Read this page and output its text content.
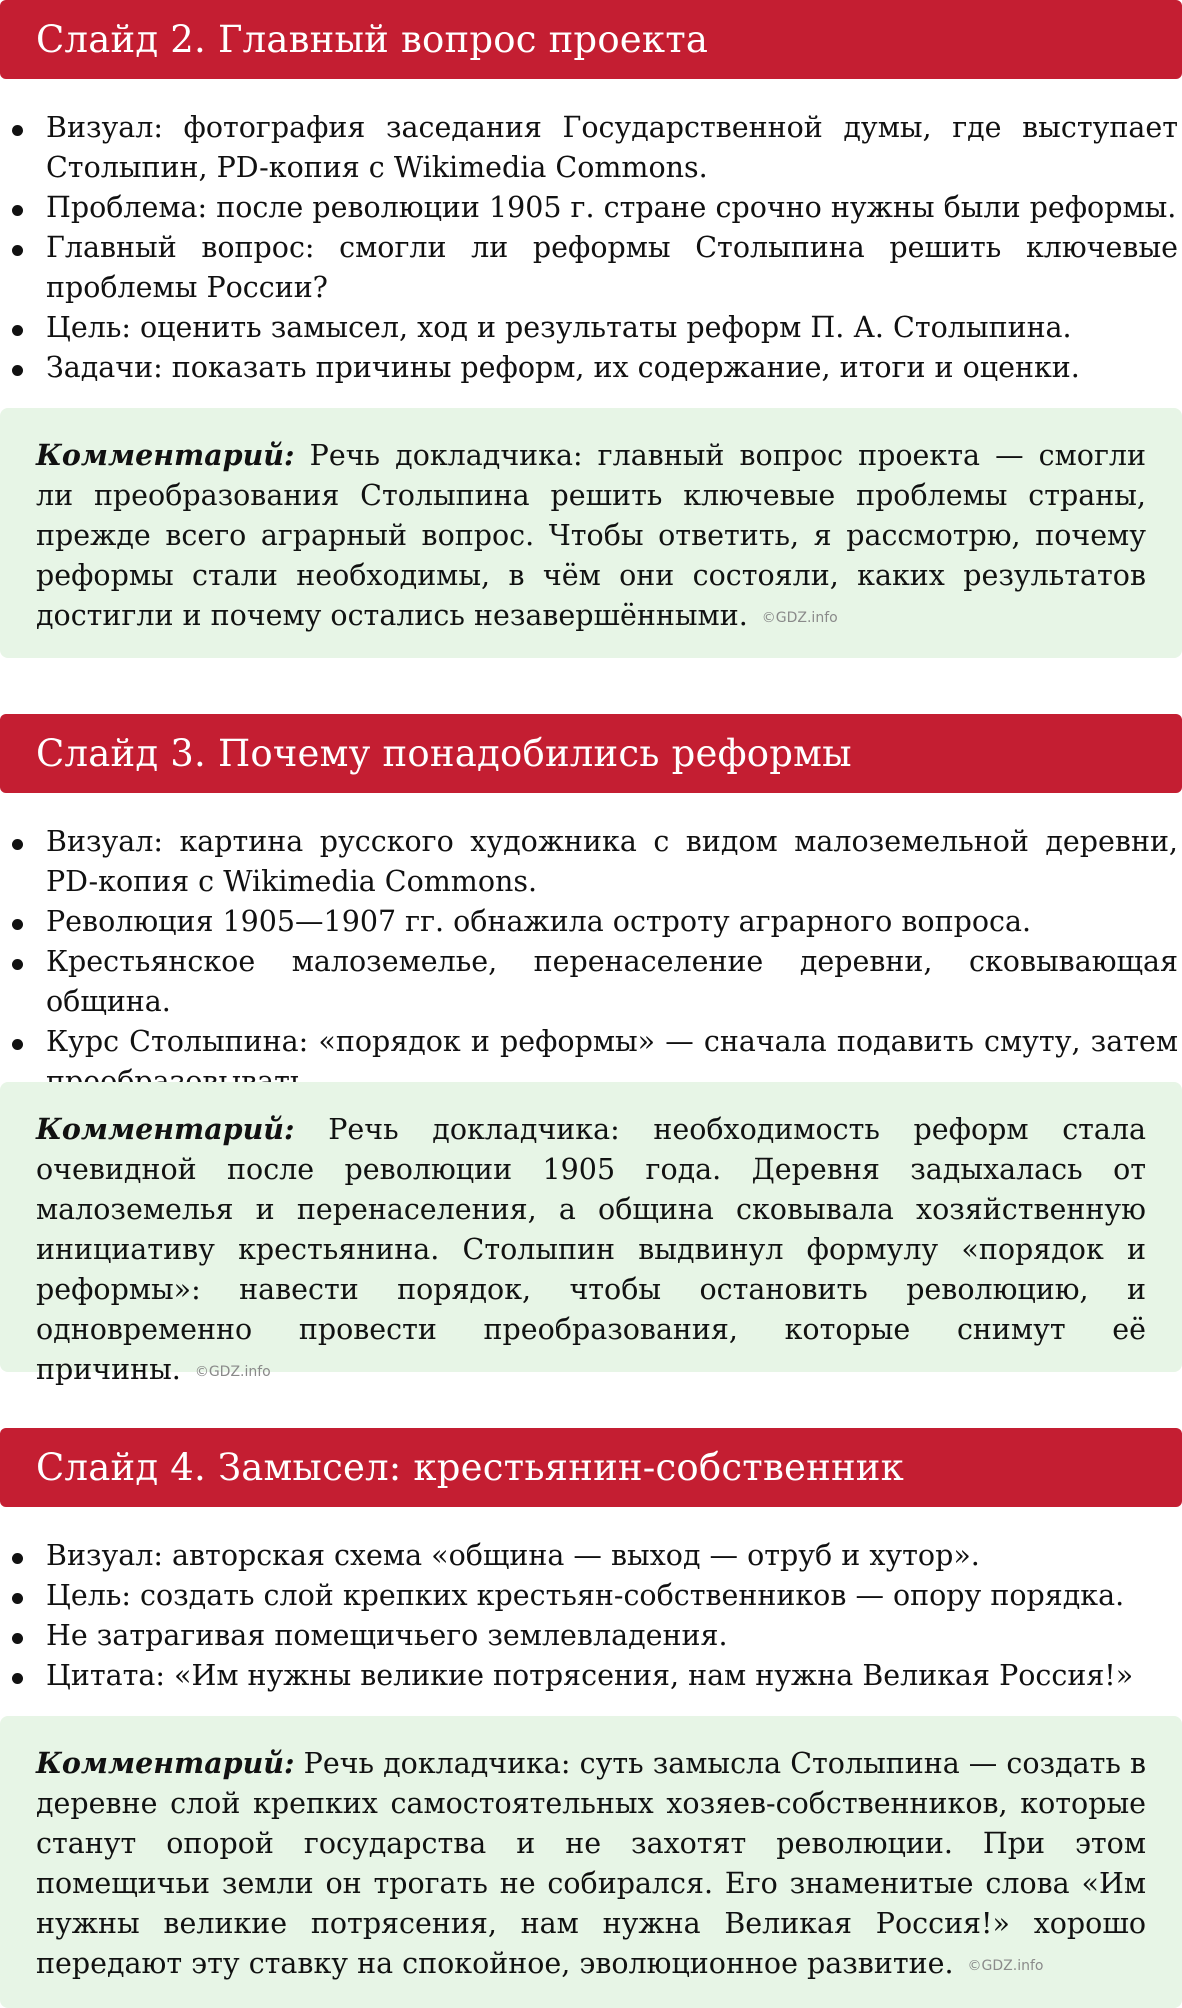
Слайд 2. Главный вопрос проекта
Визуал: фотография заседания Государственной думы, где выступает Столыпин, PD-копия с Wikimedia Commons.
Проблема: после революции 1905 г. стране срочно нужны были реформы.
Главный вопрос: смогли ли реформы Столыпина решить ключевые проблемы России?
Цель: оценить замысел, ход и результаты реформ П. А. Столыпина.
Задачи: показать причины реформ, их содержание, итоги и оценки.

Комментарий: Речь докладчика: главный вопрос проекта — смогли ли преобразования Столыпина решить ключевые проблемы страны, прежде всего аграрный вопрос. Чтобы ответить, я рассмотрю, почему реформы стали необходимы, в чём они состояли, каких результатов достигли и почему остались незавершёнными. ©GDZ.info

Слайд 3. Почему понадобились реформы
Визуал: картина русского художника с видом малоземельной деревни, PD-копия с Wikimedia Commons.
Революция 1905—1907 гг. обнажила остроту аграрного вопроса.
Крестьянское малоземелье, перенаселение деревни, сковывающая община.
Курс Столыпина: «порядок и реформы» — сначала подавить смуту, затем

Комментарий: Речь докладчика: необходимость реформ стала очевидной после революции 1905 года. Деревня задыхалась от малоземелья и перенаселения, а община сковывала хозяйственную инициативу крестьянина. Столыпин выдвинул формулу «порядок и реформы»: навести порядок, чтобы остановить революцию, и одновременно провести преобразования, которые снимут её причины. ©GDZ.info

Слайд 4. Замысел: крестьянин-собственник
Визуал: авторская схема «община — выход — отруб и хутор».
Цель: создать слой крепких крестьян-собственников — опору порядка.
Не затрагивая помещичьего землевладения.
Цитата: «Им нужны великие потрясения, нам нужна Великая Россия!»

Комментарий: Речь докладчика: суть замысла Столыпина — создать в деревне слой крепких самостоятельных хозяев-собственников, которые станут опорой государства и не захотят революции. При этом помещичьи земли он трогать не собирался. Его знаменитые слова «Им нужны великие потрясения, нам нужна Великая Россия!» хорошо передают эту ставку на спокойное, эволюционное развитие. ©GDZ.info
